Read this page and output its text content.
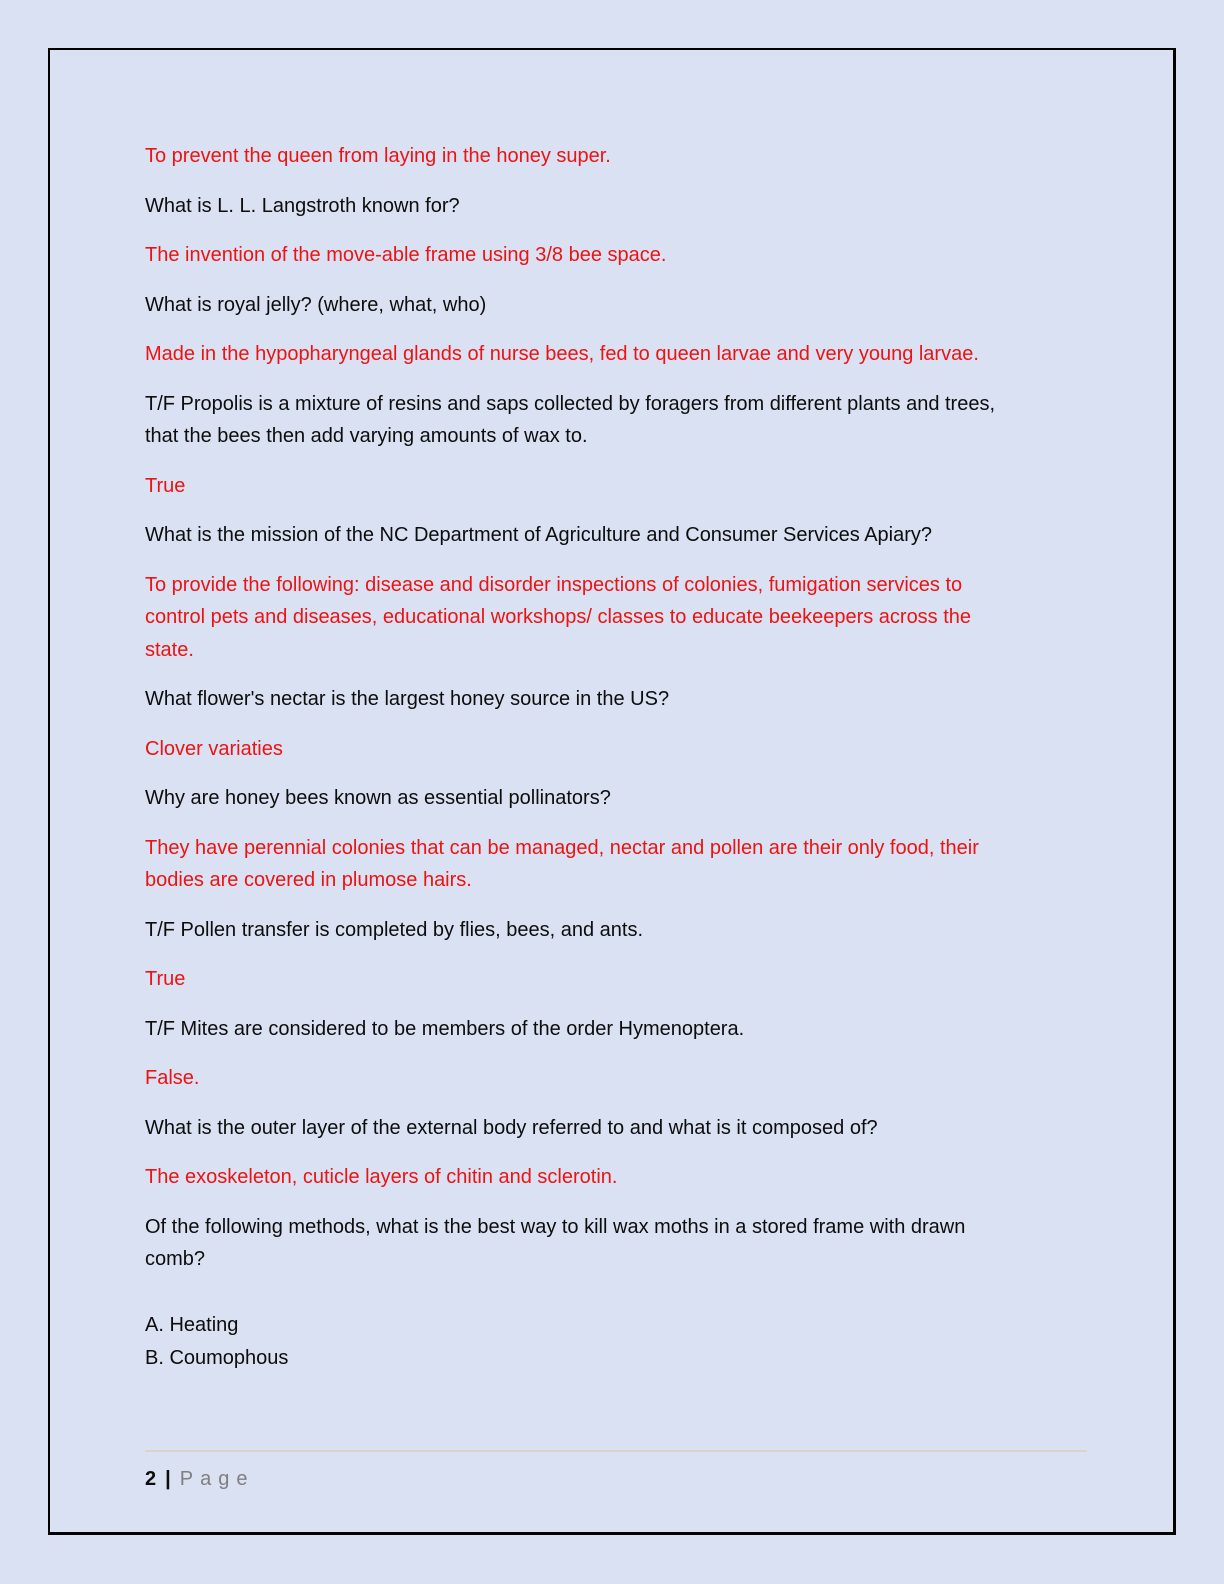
To prevent the queen from laying in the honey super.
What is L. L. Langstroth known for?
The invention of the move-able frame using 3/8 bee space.
What is royal jelly? (where, what, who)
Made in the hypopharyngeal glands of nurse bees, fed to queen larvae and very young larvae.
T/F Propolis is a mixture of resins and saps collected by foragers from different plants and trees,
that the bees then add varying amounts of wax to.
True
What is the mission of the NC Department of Agriculture and Consumer Services Apiary?
To provide the following: disease and disorder inspections of colonies, fumigation services to
control pets and diseases, educational workshops/ classes to educate beekeepers across the
state.
What flower's nectar is the largest honey source in the US?
Clover variaties
Why are honey bees known as essential pollinators?
They have perennial colonies that can be managed, nectar and pollen are their only food, their
bodies are covered in plumose hairs.
T/F Pollen transfer is completed by flies, bees, and ants.
True
T/F Mites are considered to be members of the order Hymenoptera.
False.
What is the outer layer of the external body referred to and what is it composed of?
The exoskeleton, cuticle layers of chitin and sclerotin.
Of the following methods, what is the best way to kill wax moths in a stored frame with drawn
comb?
A. Heating
B. Coumophous
2 | Page
